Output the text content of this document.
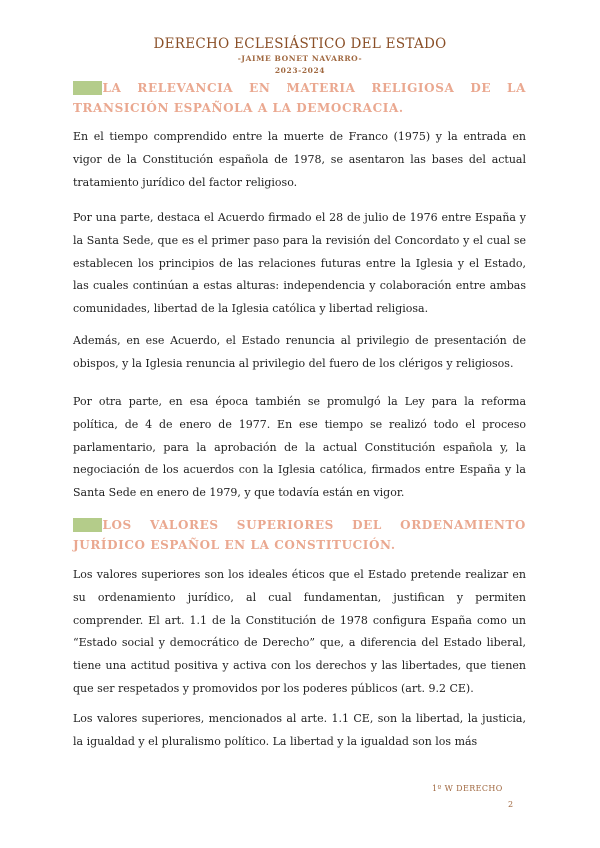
DERECHO ECLESIÁSTICO DEL ESTADO
-JAIME BONET NAVARRO-
2023-2024
2.3.LA RELEVANCIA EN MATERIA RELIGIOSA DE LA TRANSICIÓN ESPAÑOLA A LA DEMOCRACIA.

En el tiempo comprendido entre la muerte de Franco (1975) y la entrada en vigor de la Constitución española de 1978, se asentaron las bases del actual tratamiento jurídico del factor religioso.

Por una parte, destaca el Acuerdo firmado el 28 de julio de 1976 entre España y la Santa Sede, que es el primer paso para la revisión del Concordato y el cual se establecen los principios de las relaciones futuras entre la Iglesia y el Estado, las cuales continúan a estas alturas: independencia y colaboración entre ambas comunidades, libertad de la Iglesia católica y libertad religiosa.

Además, en ese Acuerdo, el Estado renuncia al privilegio de presentación de obispos, y la Iglesia renuncia al privilegio del fuero de los clérigos y religiosos.

Por otra parte, en esa época también se promulgó la Ley para la reforma política, de 4 de enero de 1977. En ese tiempo se realizó todo el proceso parlamentario, para la aprobación de la actual Constitución española y, la negociación de los acuerdos con la Iglesia católica, firmados entre España y la Santa Sede en enero de 1979, y que todavía están en vigor.

2.4.LOS VALORES SUPERIORES DEL ORDENAMIENTO JURÍDICO ESPAÑOL EN LA CONSTITUCIÓN.

Los valores superiores son los ideales éticos que el Estado pretende realizar en su ordenamiento jurídico, al cual fundamentan, justifican y permiten comprender. El art. 1.1 de la Constitución de 1978 configura España como un “Estado social y democrático de Derecho” que, a diferencia del Estado liberal, tiene una actitud positiva y activa con los derechos y las libertades, que tienen que ser respetados y promovidos por los poderes públicos (art. 9.2 CE).

Los valores superiores, mencionados al arte. 1.1 CE, son la libertad, la justicia, la igualdad y el pluralismo político. La libertad y la igualdad son los más

1º W DERECHO
2
